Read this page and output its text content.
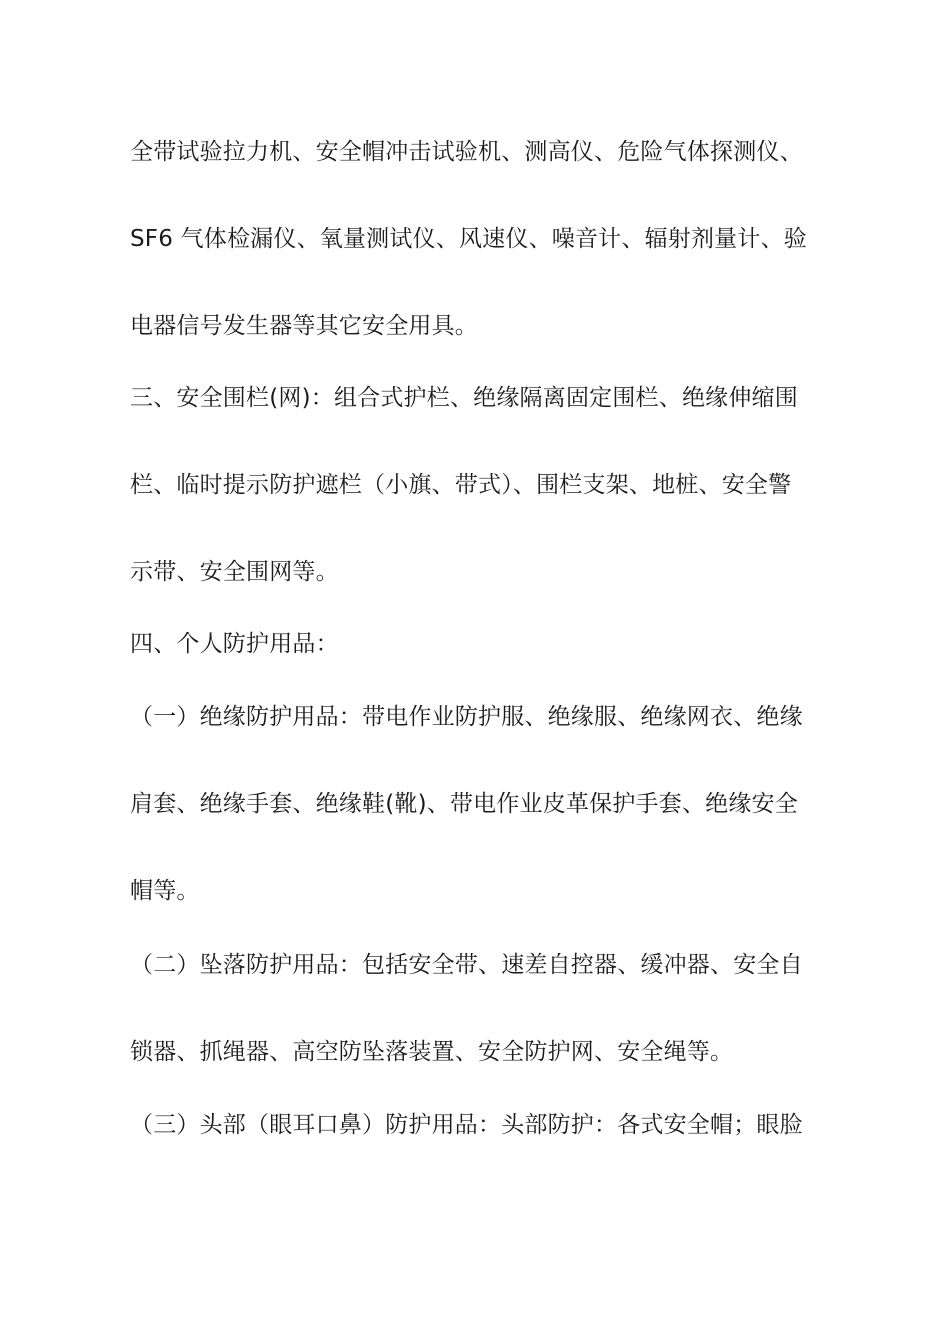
全带试验拉力机、安全帽冲击试验机、测高仪、危险气体探测仪、
SF6 气体检漏仪、氧量测试仪、风速仪、噪音计、辐射剂量计、验
电器信号发生器等其它安全用具。
三、安全围栏(网)：组合式护栏、绝缘隔离固定围栏、绝缘伸缩围
栏、临时提示防护遮栏（小旗、带式）、围栏支架、地桩、安全警
示带、安全围网等。
四、个人防护用品：
（一）绝缘防护用品：带电作业防护服、绝缘服、绝缘网衣、绝缘
肩套、绝缘手套、绝缘鞋(靴)、带电作业皮革保护手套、绝缘安全
帽等。
（二）坠落防护用品：包括安全带、速差自控器、缓冲器、安全自
锁器、抓绳器、高空防坠落装置、安全防护网、安全绳等。
（三）头部（眼耳口鼻）防护用品：头部防护：各式安全帽；眼脸
